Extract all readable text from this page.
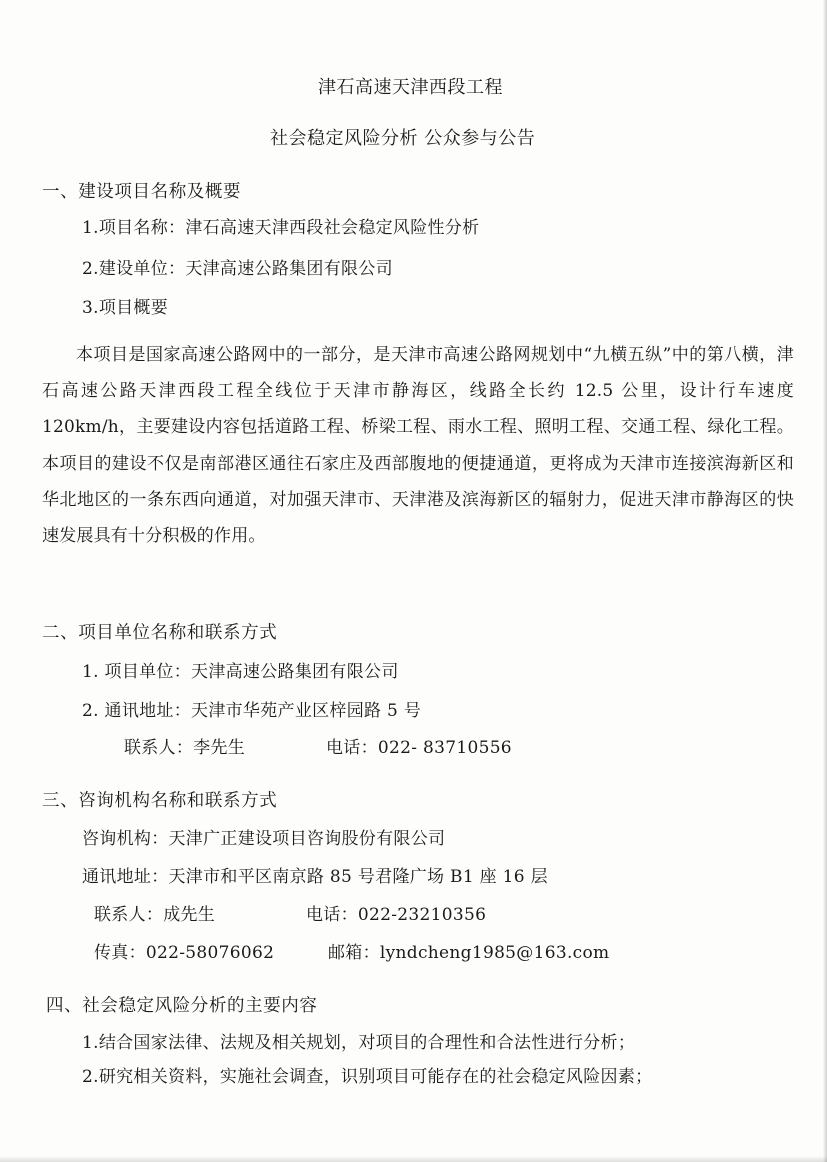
津石高速天津西段工程
社会稳定风险分析 公众参与公告
一、建设项目名称及概要
1.项目名称：津石高速天津西段社会稳定风险性分析
2.建设单位：天津高速公路集团有限公司
3.项目概要
本项目是国家高速公路网中的一部分，是天津市高速公路网规划中“九横五纵”中的第八横，津石高速公路天津西段工程全线位于天津市静海区，线路全长约 12.5 公里，设计行车速度 120km/h，主要建设内容包括道路工程、桥梁工程、雨水工程、照明工程、交通工程、绿化工程。本项目的建设不仅是南部港区通往石家庄及西部腹地的便捷通道，更将成为天津市连接滨海新区和华北地区的一条东西向通道，对加强天津市、天津港及滨海新区的辐射力，促进天津市静海区的快速发展具有十分积极的作用。
二、项目单位名称和联系方式
1. 项目单位：天津高速公路集团有限公司
2. 通讯地址：天津市华苑产业区梓园路 5 号
联系人：李先生	电话：022- 83710556
三、咨询机构名称和联系方式
咨询机构：天津广正建设项目咨询股份有限公司
通讯地址：天津市和平区南京路 85 号君隆广场 B1 座 16 层
联系人：成先生	电话：022-23210356
传真：022-58076062	邮箱：lyndcheng1985@163.com
四、社会稳定风险分析的主要内容
1.结合国家法律、法规及相关规划，对项目的合理性和合法性进行分析；
2.研究相关资料，实施社会调查，识别项目可能存在的社会稳定风险因素；
